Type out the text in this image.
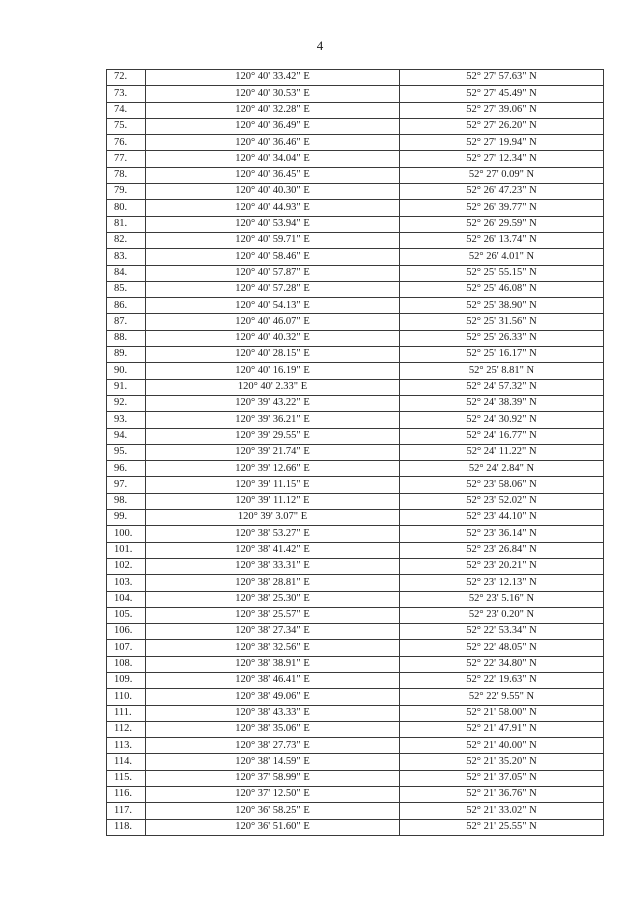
4
72.	120° 40' 33.42" E	52° 27' 57.63" N
73.	120° 40' 30.53" E	52° 27' 45.49" N
74.	120° 40' 32.28" E	52° 27' 39.06" N
75.	120° 40' 36.49" E	52° 27' 26.20" N
76.	120° 40' 36.46" E	52° 27' 19.94" N
77.	120° 40' 34.04" E	52° 27' 12.34" N
78.	120° 40' 36.45" E	52° 27' 0.09" N
79.	120° 40' 40.30" E	52° 26' 47.23" N
80.	120° 40' 44.93" E	52° 26' 39.77" N
81.	120° 40' 53.94" E	52° 26' 29.59" N
82.	120° 40' 59.71" E	52° 26' 13.74" N
83.	120° 40' 58.46" E	52° 26' 4.01" N
84.	120° 40' 57.87" E	52° 25' 55.15" N
85.	120° 40' 57.28" E	52° 25' 46.08" N
86.	120° 40' 54.13" E	52° 25' 38.90" N
87.	120° 40' 46.07" E	52° 25' 31.56" N
88.	120° 40' 40.32" E	52° 25' 26.33" N
89.	120° 40' 28.15" E	52° 25' 16.17" N
90.	120° 40' 16.19" E	52° 25' 8.81" N
91.	120° 40' 2.33" E	52° 24' 57.32" N
92.	120° 39' 43.22" E	52° 24' 38.39" N
93.	120° 39' 36.21" E	52° 24' 30.92" N
94.	120° 39' 29.55" E	52° 24' 16.77" N
95.	120° 39' 21.74" E	52° 24' 11.22" N
96.	120° 39' 12.66" E	52° 24' 2.84" N
97.	120° 39' 11.15" E	52° 23' 58.06" N
98.	120° 39' 11.12" E	52° 23' 52.02" N
99.	120° 39' 3.07" E	52° 23' 44.10" N
100.	120° 38' 53.27" E	52° 23' 36.14" N
101.	120° 38' 41.42" E	52° 23' 26.84" N
102.	120° 38' 33.31" E	52° 23' 20.21" N
103.	120° 38' 28.81" E	52° 23' 12.13" N
104.	120° 38' 25.30" E	52° 23' 5.16" N
105.	120° 38' 25.57" E	52° 23' 0.20" N
106.	120° 38' 27.34" E	52° 22' 53.34" N
107.	120° 38' 32.56" E	52° 22' 48.05" N
108.	120° 38' 38.91" E	52° 22' 34.80" N
109.	120° 38' 46.41" E	52° 22' 19.63" N
110.	120° 38' 49.06" E	52° 22' 9.55" N
111.	120° 38' 43.33" E	52° 21' 58.00" N
112.	120° 38' 35.06" E	52° 21' 47.91" N
113.	120° 38' 27.73" E	52° 21' 40.00" N
114.	120° 38' 14.59" E	52° 21' 35.20" N
115.	120° 37' 58.99" E	52° 21' 37.05" N
116.	120° 37' 12.50" E	52° 21' 36.76" N
117.	120° 36' 58.25" E	52° 21' 33.02" N
118.	120° 36' 51.60" E	52° 21' 25.55" N
